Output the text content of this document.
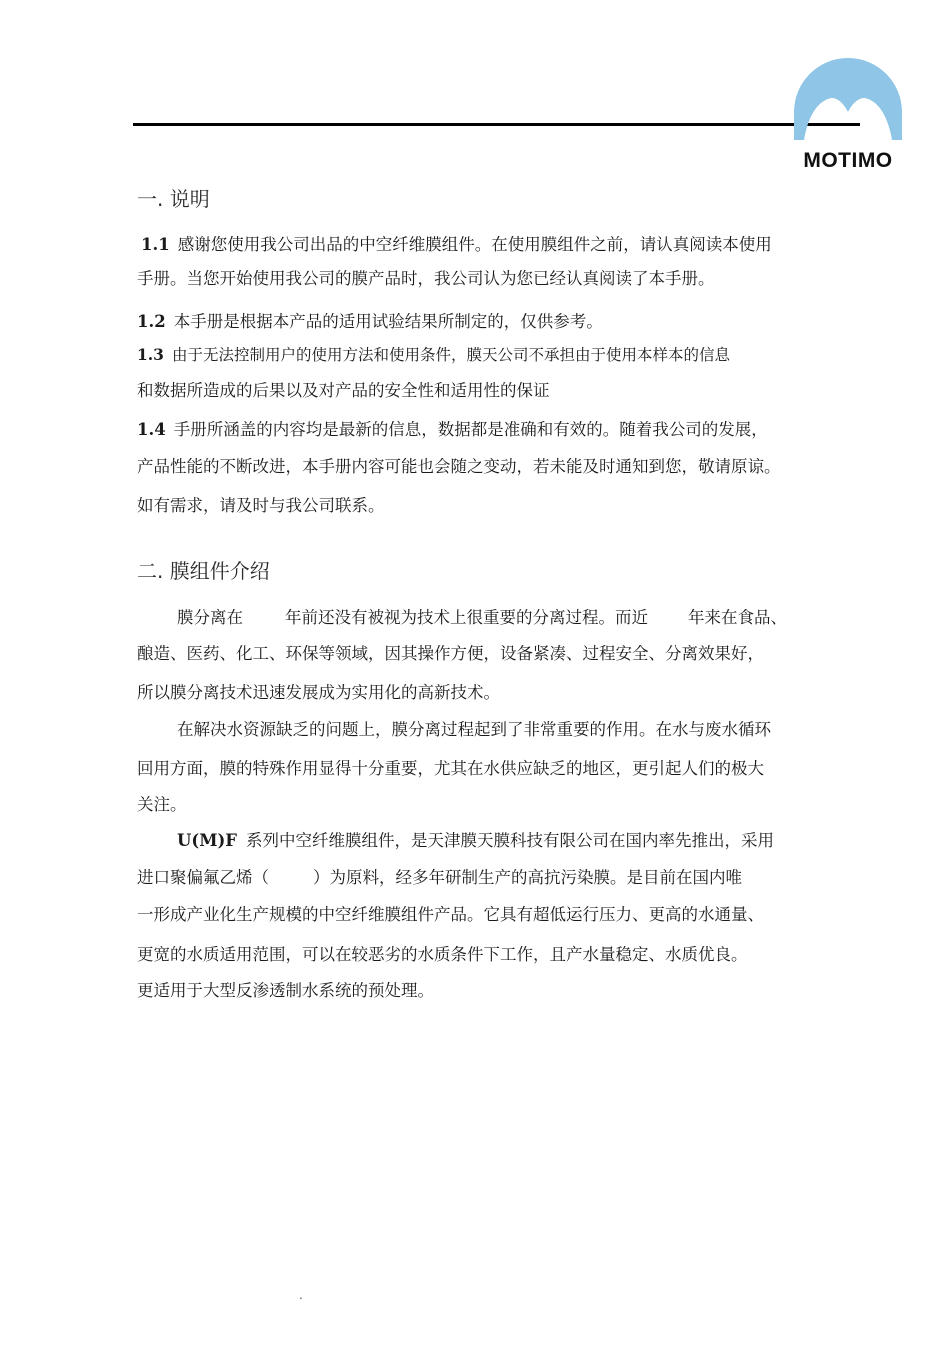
MOTIMO
一. 说明
1.1 感谢您使用我公司出品的中空纤维膜组件。在使用膜组件之前，请认真阅读本使用
手册。当您开始使用我公司的膜产品时，我公司认为您已经认真阅读了本手册。
1.2 本手册是根据本产品的适用试验结果所制定的，仅供参考。
1.3 由于无法控制用户的使用方法和使用条件，膜天公司不承担由于使用本样本的信息
和数据所造成的后果以及对产品的安全性和适用性的保证
1.4 手册所涵盖的内容均是最新的信息，数据都是准确和有效的。随着我公司的发展，
产品性能的不断改进，本手册内容可能也会随之变动，若未能及时通知到您，敬请原谅。
如有需求，请及时与我公司联系。
二. 膜组件介绍
膜分离在	年前还没有被视为技术上很重要的分离过程。而近 年来在食品、
酿造、医药、化工、环保等领域，因其操作方便，设备紧凑、过程安全、分离效果好，
所以膜分离技术迅速发展成为实用化的高新技术。
在解决水资源缺乏的问题上，膜分离过程起到了非常重要的作用。在水与废水循环
回用方面，膜的特殊作用显得十分重要，尤其在水供应缺乏的地区，更引起人们的极大
关注。
U(M)F 系列中空纤维膜组件，是天津膜天膜科技有限公司在国内率先推出，采用
进口聚偏氟乙烯（	）为原料，经多年研制生产的高抗污染膜。是目前在国内唯
一形成产业化生产规模的中空纤维膜组件产品。它具有超低运行压力、更高的水通量、
更宽的水质适用范围，可以在较恶劣的水质条件下工作，且产水量稳定、水质优良。
更适用于大型反渗透制水系统的预处理。
.
